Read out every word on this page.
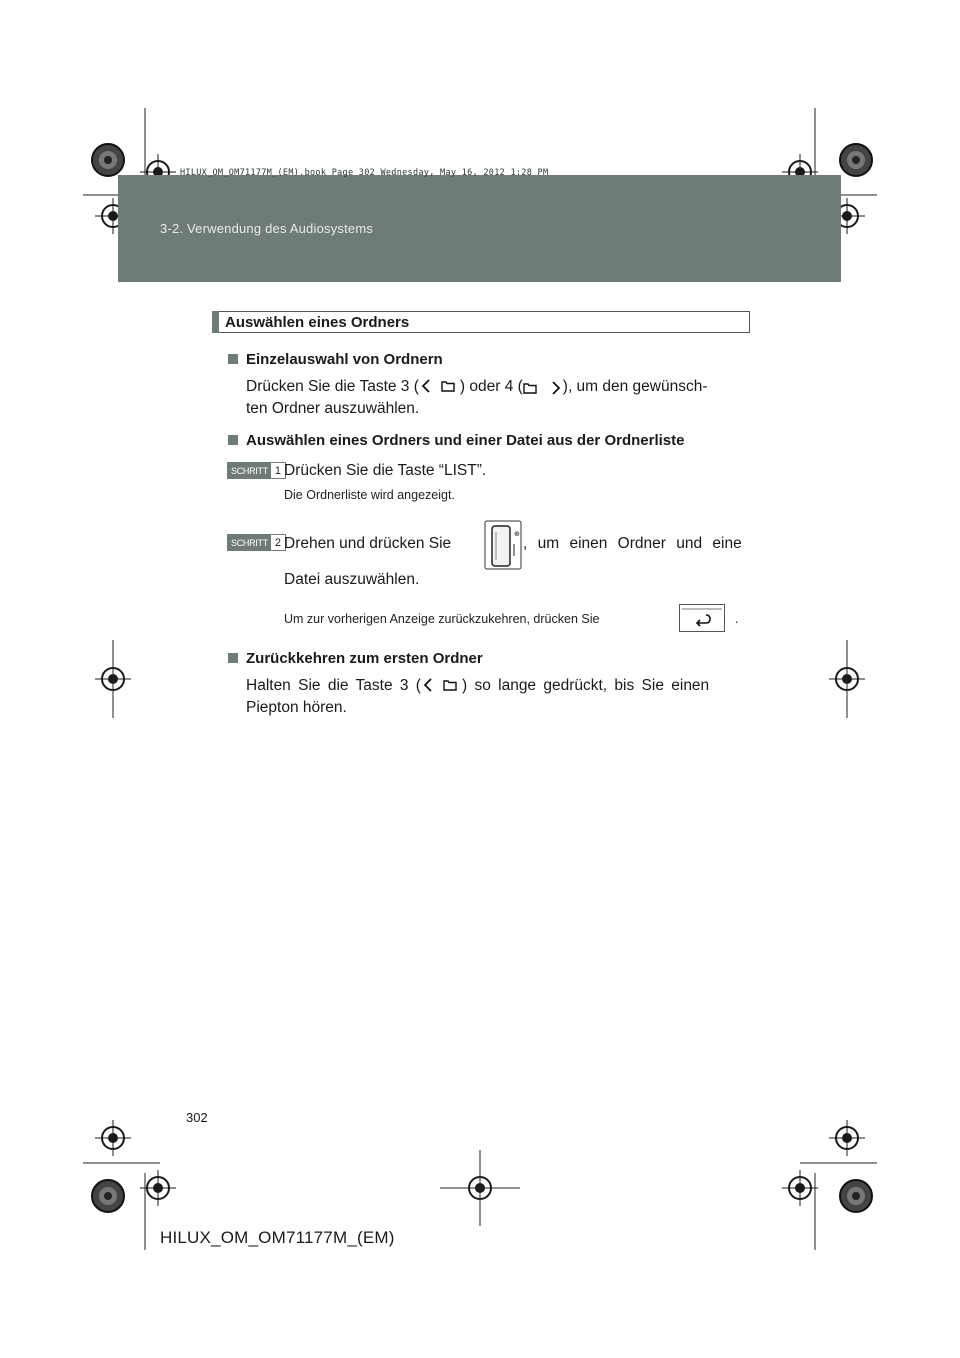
3-2. Verwendung des Audiosystems
HILUX_OM_OM71177M_(EM).book Page 302 Wednesday, May 16, 2012 1:28 PM
Auswählen eines Ordners
Einzelauswahl von Ordnern
Drücken Sie die Taste 3 (	) oder 4 (	), um den gewünsch-
ten Ordner auszuwählen.
Auswählen eines Ordners und einer Datei aus der Ordnerliste
SCHRITT 1 Drücken Sie die Taste “LIST”.
Die Ordnerliste wird angezeigt.
SCHRITT 2 Drehen und drücken Sie
⊕
, um einen Ordner und eine
Datei auszuwählen.
Um zur vorherigen Anzeige zurückzukehren, drücken Sie	.
Zurückkehren zum ersten Ordner
Halten Sie die Taste 3 (	) so lange gedrückt, bis Sie einen
Piepton hören.
302
HILUX_OM_OM71177M_(EM)
